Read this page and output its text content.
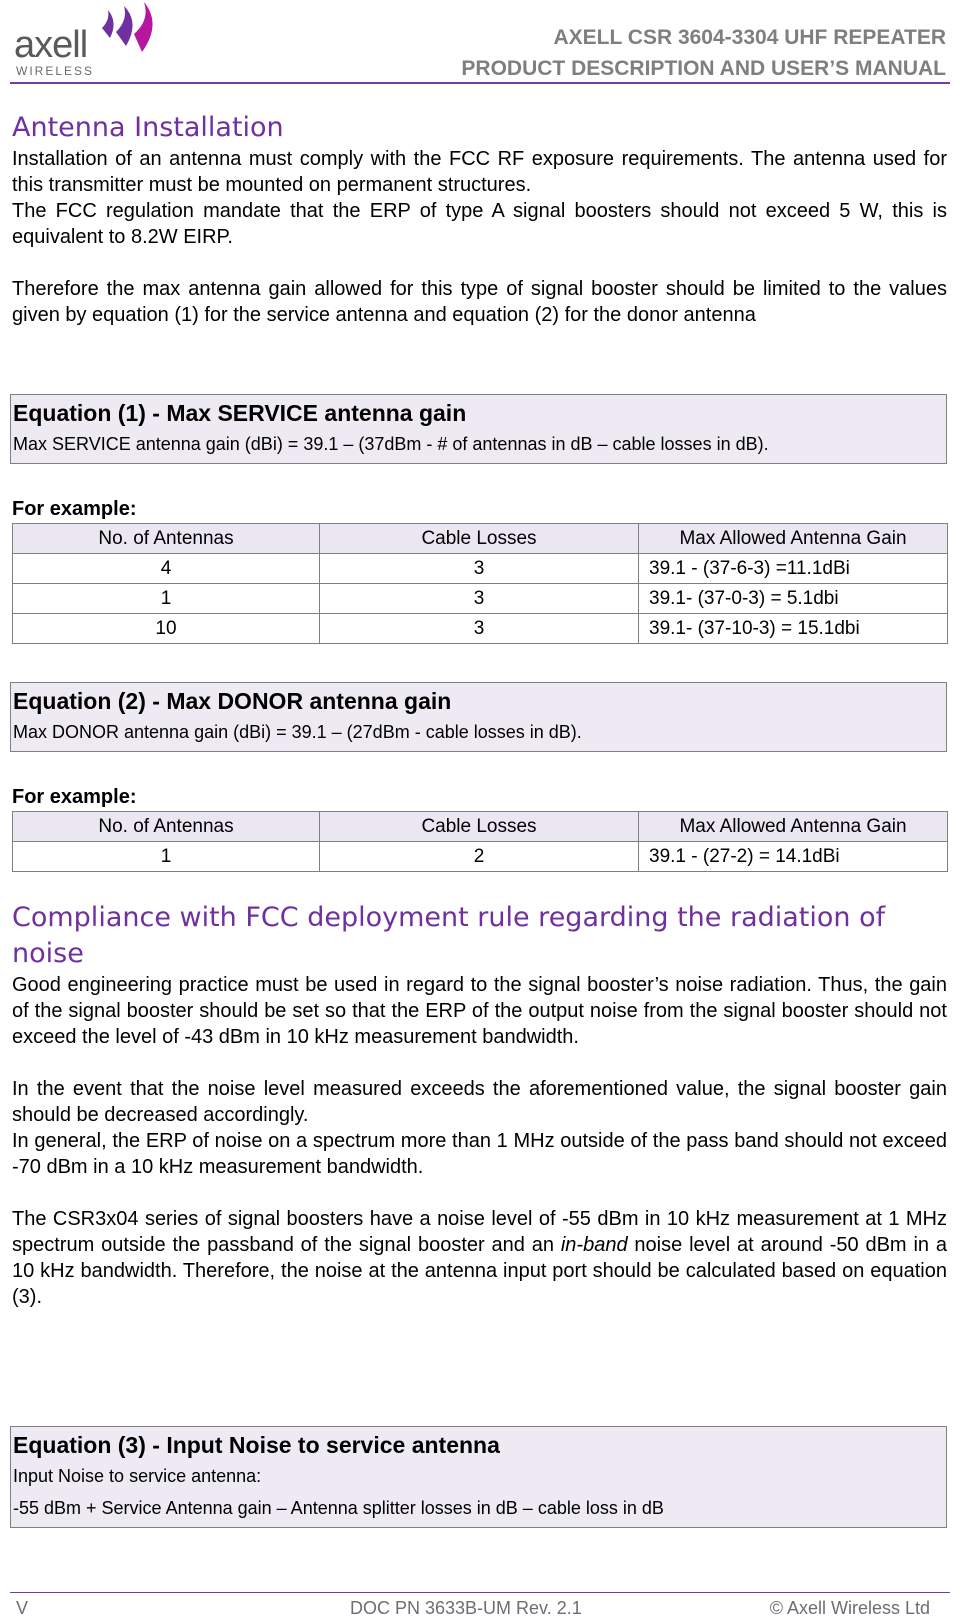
axell
WIRELESS
AXELL CSR 3604-3304 UHF REPEATER
PRODUCT DESCRIPTION AND USER’S MANUAL
Antenna Installation

Installation of an antenna must comply with the FCC RF exposure requirements. The antenna used for this transmitter must be mounted on permanent structures.

The FCC regulation mandate that the ERP of type A signal boosters should not exceed 5 W, this is equivalent to 8.2W EIRP.

Therefore the max antenna gain allowed for this type of signal booster should be limited to the values given by equation (1) for the service antenna and equation (2) for the donor antenna

Equation (1) - Max SERVICE antenna gain
Max SERVICE antenna gain (dBi) = 39.1 – (37dBm - # of antennas in dB – cable losses in dB).
For example:
No. of Antennas	Cable Losses	Max Allowed Antenna Gain
4	3	39.1 - (37-6-3) =11.1dBi
1	3	39.1- (37-0-3) = 5.1dbi
10	3	39.1- (37-10-3) = 15.1dbi
Equation (2) - Max DONOR antenna gain
Max DONOR antenna gain (dBi) = 39.1 – (27dBm - cable losses in dB).
For example:
No. of Antennas	Cable Losses	Max Allowed Antenna Gain
1	2	39.1 - (27-2) = 14.1dBi
Compliance with FCC deployment rule regarding the radiation of noise

Good engineering practice must be used in regard to the signal booster’s noise radiation. Thus, the gain of the signal booster should be set so that the ERP of the output noise from the signal booster should not exceed the level of -43 dBm in 10 kHz measurement bandwidth.

In the event that the noise level measured exceeds the aforementioned value, the signal booster gain should be decreased accordingly.

In general, the ERP of noise on a spectrum more than 1 MHz outside of the pass band should not exceed -70 dBm in a 10 kHz measurement bandwidth.

The CSR3x04 series of signal boosters have a noise level of -55 dBm in 10 kHz measurement at 1 MHz spectrum outside the passband of the signal booster and an in-band noise level at around -50 dBm in a 10 kHz bandwidth. Therefore, the noise at the antenna input port should be calculated based on equation (3).

Equation (3) - Input Noise to service antenna
Input Noise to service antenna:
-55 dBm + Service Antenna gain – Antenna splitter losses in dB – cable loss in dB
V	DOC PN 3633B-UM Rev. 2.1	© Axell Wireless Ltd
